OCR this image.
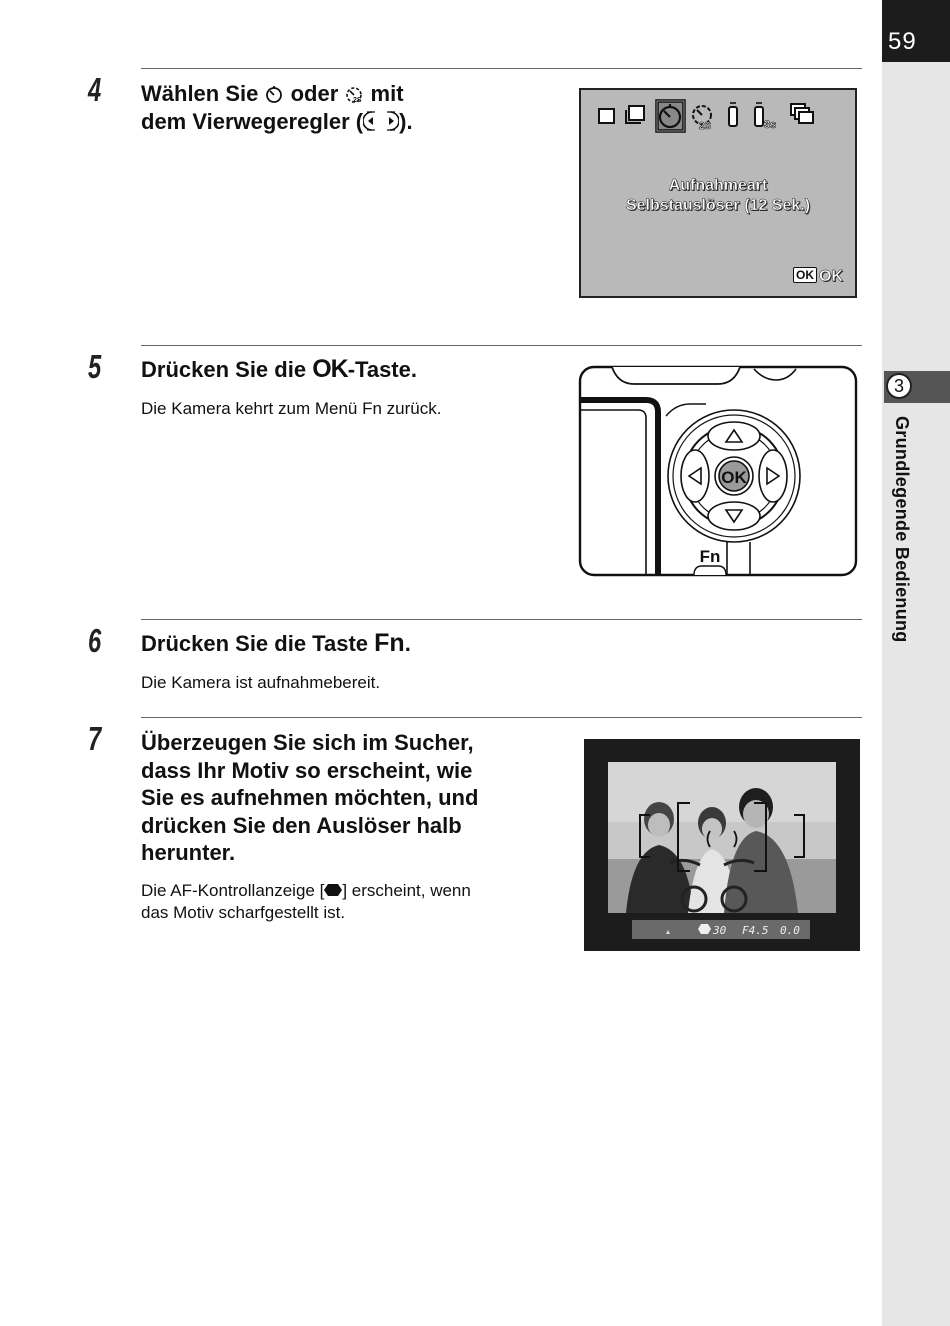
59
3
Grundlegende Bedienung
4 Wählen Sie oder 2S mit
dem Vierwegeregler ( ).	2S	3s
Aufnahmeart
Selbstauslöser (12 Sek.)
OK OK
5 Drücken Sie die OK-Taste.
Die Kamera kehrt zum Menü Fn zurück.
OK
Fn
6 Drücken Sie die Taste Fn.
Die Kamera ist aufnahmebereit.
7 Überzeugen Sie sich im Sucher,
dass Ihr Motiv so erscheint, wie
Sie es aufnehmen möchten, und
drücken Sie den Auslöser halb
herunter.
Die AF-Kontrollanzeige [ ] erscheint, wenn
das Motiv scharfgestellt ist.
30 F4.5 0.0
